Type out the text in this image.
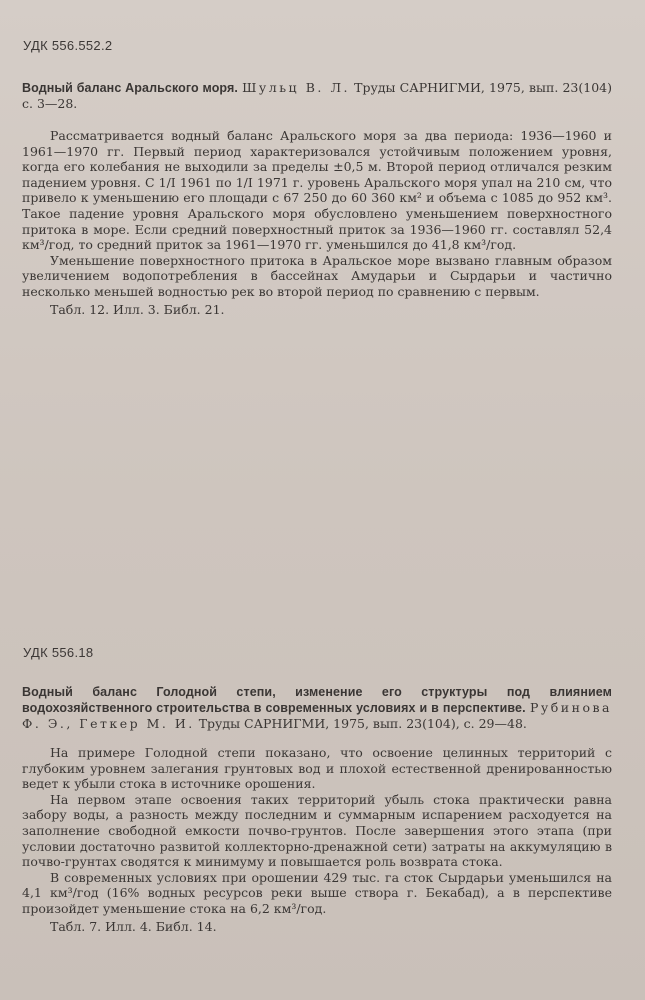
УДК 556.552.2

Водный баланс Аральского моря. Шульц В. Л. Труды САРНИГМИ, 1975, вып. 23(104) с. 3—28.

Рассматривается водный баланс Аральского моря за два периода: 1936—1960 и 1961—1970 гг. Первый период характеризовался устойчивым положением уровня, когда его колебания не выходили за пределы ±0,5 м. Второй период отличался резким падением уровня. С 1/I 1961 по 1/I 1971 г. уровень Аральского моря упал на 210 см, что привело к уменьшению его площади с 67 250 до 60 360 км² и объема с 1085 до 952 км³. Такое падение уровня Аральского моря обусловлено уменьшением поверхностного притока в море. Если средний поверхностный приток за 1936—1960 гг. составлял 52,4 км³/год, то средний приток за 1961—1970 гг. уменьшился до 41,8 км³/год.

Уменьшение поверхностного притока в Аральское море вызвано главным образом увеличением водопотребления в бассейнах Амударьи и Сырдарьи и частично несколько меньшей водностью рек во второй период по сравнению с первым.

Табл. 12. Илл. 3. Библ. 21.

УДК 556.18

Водный баланс Голодной степи, изменение его структуры под влиянием водохозяйственного строительства в современных условиях и в перспективе. Рубинова Ф. Э., Геткер М. И. Труды САРНИГМИ, 1975, вып. 23(104), с. 29—48.

На примере Голодной степи показано, что освоение целинных территорий с глубоким уровнем залегания грунтовых вод и плохой естественной дренированностью ведет к убыли стока в источнике орошения.

На первом этапе освоения таких территорий убыль стока практически равна забору воды, а разность между последним и суммарным испарением расходуется на заполнение свободной емкости почво-грунтов. После завершения этого этапа (при условии достаточно развитой коллекторно-дренажной сети) затраты на аккумуляцию в почво-грунтах сводятся к минимуму и повышается роль возврата стока.

В современных условиях при орошении 429 тыс. га сток Сырдарьи уменьшился на 4,1 км³/год (16% водных ресурсов реки выше створа г. Бекабад), а в перспективе произойдет уменьшение стока на 6,2 км³/год.

Табл. 7. Илл. 4. Библ. 14.
